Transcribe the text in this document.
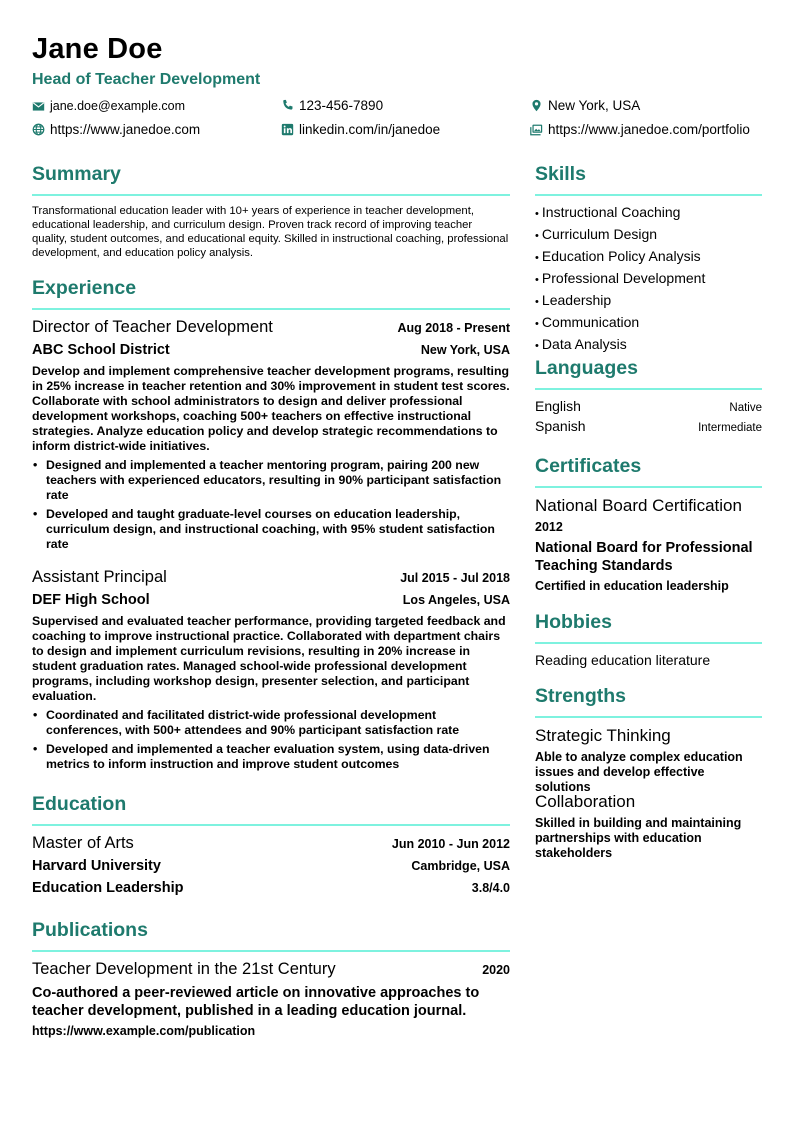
Jane Doe
Head of Teacher Development
jane.doe@example.com	123-456-7890	New York, USA
https://www.janedoe.com	linkedin.com/in/janedoe	https://www.janedoe.com/portfolio
Summary
Transformational education leader with 10+ years of experience in teacher development, educational leadership, and curriculum design. Proven track record of improving teacher quality, student outcomes, and educational equity. Skilled in instructional coaching, professional development, and education policy analysis.
Experience
Director of Teacher Development	Aug 2018 - Present
ABC School District	New York, USA
Develop and implement comprehensive teacher development programs, resulting in 25% increase in teacher retention and 30% improvement in student test scores. Collaborate with school administrators to design and deliver professional development workshops, coaching 500+ teachers on effective instructional strategies. Analyze education policy and develop strategic recommendations to inform district-wide initiatives.
• Designed and implemented a teacher mentoring program, pairing 200 new teachers with experienced educators, resulting in 90% participant satisfaction rate
• Developed and taught graduate-level courses on education leadership, curriculum design, and instructional coaching, with 95% student satisfaction rate
Assistant Principal	Jul 2015 - Jul 2018
DEF High School	Los Angeles, USA
Supervised and evaluated teacher performance, providing targeted feedback and coaching to improve instructional practice. Collaborated with department chairs to design and implement curriculum revisions, resulting in 20% increase in student graduation rates. Managed school-wide professional development programs, including workshop design, presenter selection, and participant evaluation.
• Coordinated and facilitated district-wide professional development conferences, with 500+ attendees and 90% participant satisfaction rate
• Developed and implemented a teacher evaluation system, using data-driven metrics to inform instruction and improve student outcomes
Education
Master of Arts	Jun 2010 - Jun 2012
Harvard University	Cambridge, USA
Education Leadership	3.8/4.0
Publications
Teacher Development in the 21st Century	2020
Co-authored a peer-reviewed article on innovative approaches to teacher development, published in a leading education journal.
https://www.example.com/publication
Skills
• Instructional Coaching
• Curriculum Design
• Education Policy Analysis
• Professional Development
• Leadership
• Communication
• Data Analysis
Languages
English	Native
Spanish	Intermediate
Certificates
National Board Certification
2012
National Board for Professional Teaching Standards
Certified in education leadership
Hobbies
Reading education literature
Strengths
Strategic Thinking
Able to analyze complex education issues and develop effective solutions
Collaboration
Skilled in building and maintaining partnerships with education stakeholders
